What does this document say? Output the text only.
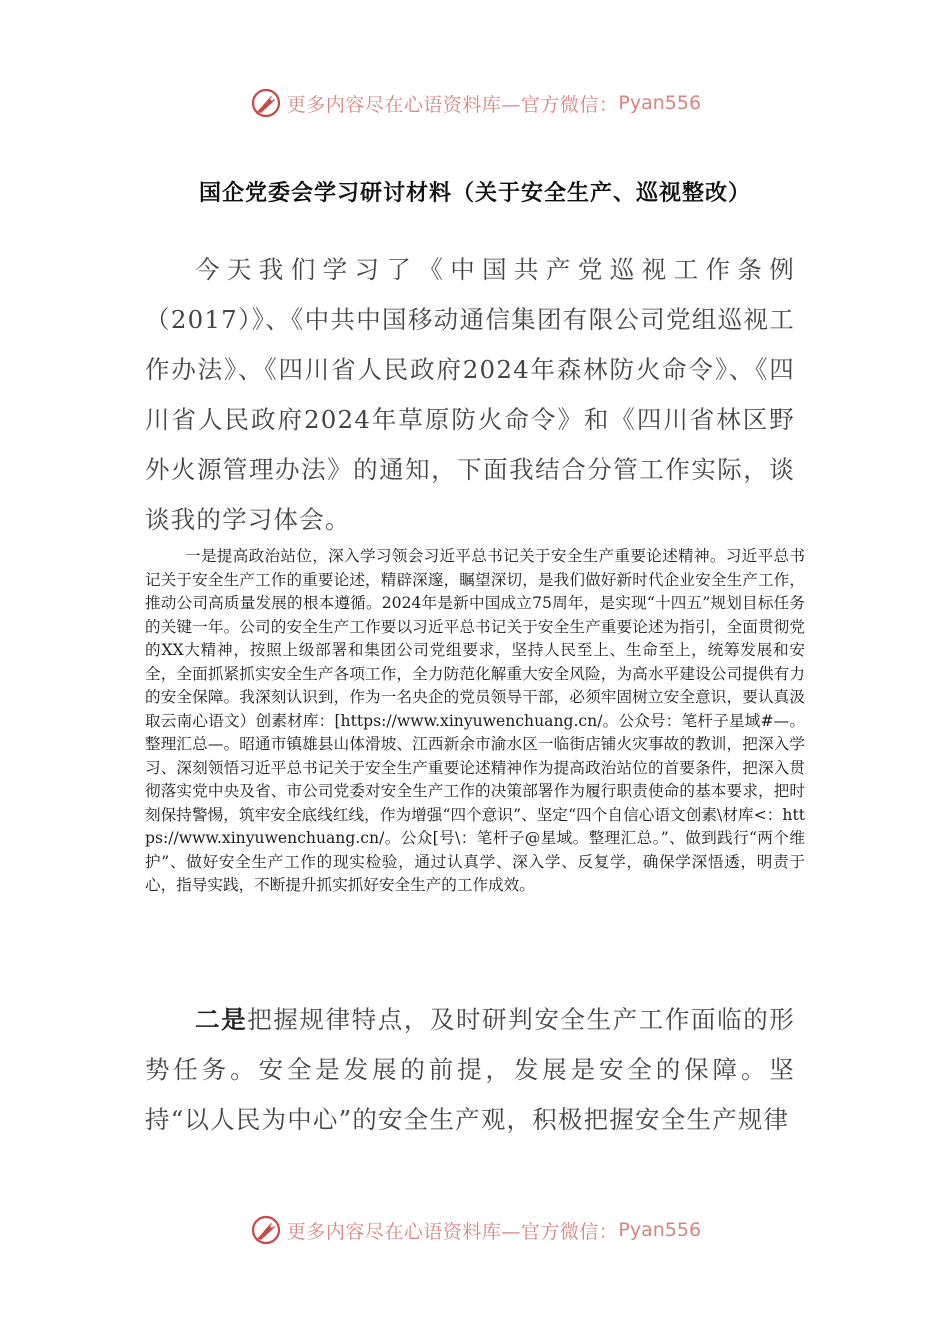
更多内容尽在心语资料库—官方微信： Pyan556
国企党委会学习研讨材料（关于安全生产、巡视整改）

今天我们学习了《中国共产党巡视工作条例（2017）》、《中共中国移动通信集团有限公司党组巡视工作办法》、《四川省人民政府2024年森林防火命令》、《四川省人民政府2024年草原防火命令》和《四川省林区野外火源管理办法》的通知，下面我结合分管工作实际，谈谈我的学习体会。

一是提高政治站位，深入学习领会习近平总书记关于安全生产重要论述精神。习近平总书记关于安全生产工作的重要论述，精辟深邃，瞩望深切，是我们做好新时代企业安全生产工作，推动公司高质量发展的根本遵循。2024年是新中国成立75周年，是实现“十四五”规划目标任务的关键一年。公司的安全生产工作要以习近平总书记关于安全生产重要论述为指引，全面贯彻党的XX大精神，按照上级部署和集团公司党组要求，坚持人民至上、生命至上，统筹发展和安全，全面抓紧抓实安全生产各项工作，全力防范化解重大安全风险，为高水平建设公司提供有力的安全保障。我深刻认识到，作为一名央企的党员领导干部，必须牢固树立安全意识，要认真汲取云南心语文）创素材库：[https://www.xinyuwenchuang.cn/。公众号：笔杆子星域#—。整理汇总—。昭通市镇雄县山体滑坡、江西新余市渝水区一临街店铺火灾事故的教训，把深入学习、深刻领悟习近平总书记关于安全生产重要论述精神作为提高政治站位的首要条件，把深入贯彻落实党中央及省、市公司党委对安全生产工作的决策部署作为履行职责使命的基本要求，把时刻保持警惕，筑牢安全底线红线，作为增强“四个意识”、坚定“四个自信心语文创素\材库<：https://www.xinyuwenchuang.cn/。公众[号\：笔杆子@星域。整理汇总。”、做到践行“两个维护”、做好安全生产工作的现实检验，通过认真学、深入学、反复学，确保学深悟透，明责于心，指导实践，不断提升抓实抓好安全生产的工作成效。

二是把握规律特点，及时研判安全生产工作面临的形势任务。安全是发展的前提，发展是安全的保障。坚持“以人民为中心”的安全生产观，积极把握安全生产规律

更多内容尽在心语资料库—官方微信： Pyan556
